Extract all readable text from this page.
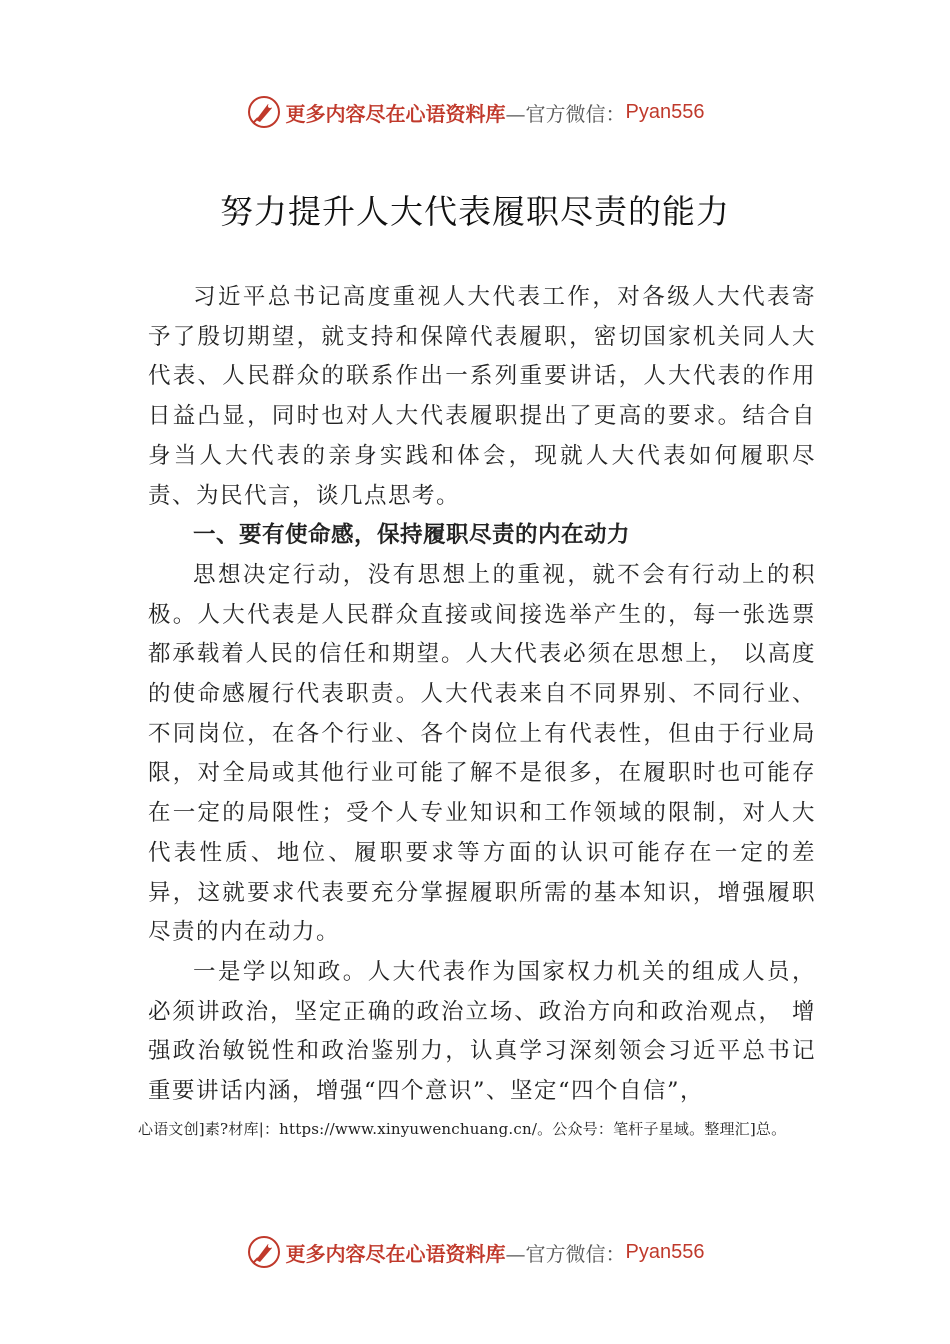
更多内容尽在心语资料库 —官方微信： Pyan556
努力提升人大代表履职尽责的能力

习近平总书记高度重视人大代表工作，对各级人大代表寄予了殷切期望，就支持和保障代表履职，密切国家机关同人大代表、人民群众的联系作出一系列重要讲话，人大代表的作用日益凸显，同时也对人大代表履职提出了更高的要求。结合自身当人大代表的亲身实践和体会，现就人大代表如何履职尽责、为民代言，谈几点思考。

一、要有使命感，保持履职尽责的内在动力

思想决定行动，没有思想上的重视，就不会有行动上的积极。人大代表是人民群众直接或间接选举产生的，每一张选票都承载着人民的信任和期望。人大代表必须在思想上， 以高度的使命感履行代表职责。人大代表来自不同界别、不同行业、不同岗位，在各个行业、各个岗位上有代表性，但由于行业局限，对全局或其他行业可能了解不是很多，在履职时也可能存在一定的局限性；受个人专业知识和工作领域的限制，对人大代表性质、地位、履职要求等方面的认识可能存在一定的差异，这就要求代表要充分掌握履职所需的基本知识，增强履职尽责的内在动力。

一是学以知政。人大代表作为国家权力机关的组成人员，必须讲政治，坚定正确的政治立场、政治方向和政治观点， 增强政治敏锐性和政治鉴别力，认真学习深刻领会习近平总书记重要讲话内涵，增强“四个意识”、坚定“四个自信”，

心语文创]素?材库|：https://www.xinyuwenchuang.cn/。公众号：笔杆子星域。整理汇]总。
更多内容尽在心语资料库 —官方微信： Pyan556
